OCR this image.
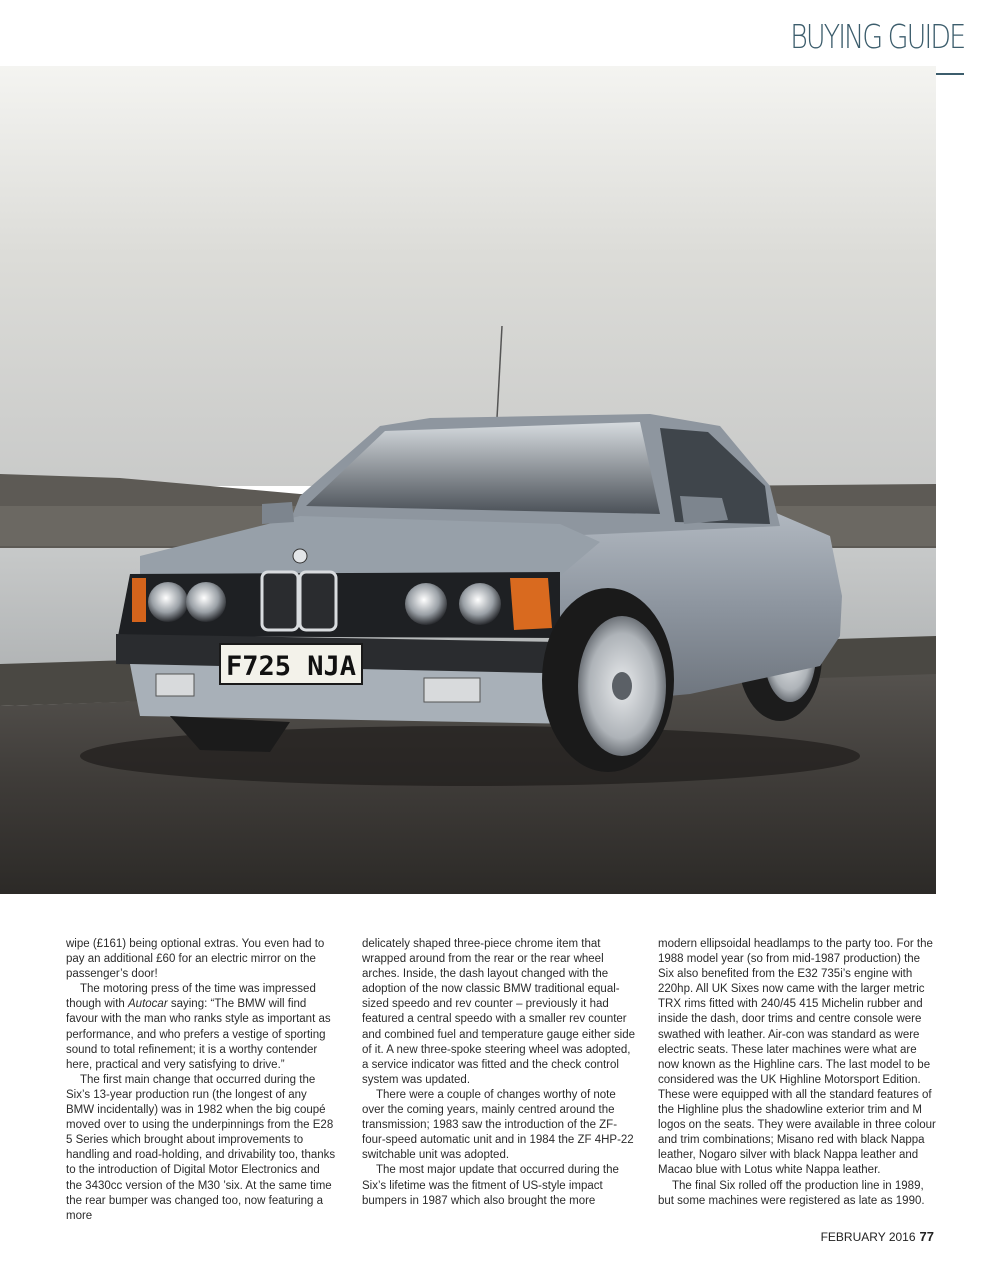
BUYING GUIDE
F725 NJA

wipe (£161) being optional extras. You even had to pay an additional £60 for an electric mirror on the passenger’s door!

The motoring press of the time was impressed though with Autocar saying: “The BMW will find favour with the man who ranks style as important as performance, and who prefers a vestige of sporting sound to total refinement; it is a worthy contender here, practical and very satisfying to drive.”

The first main change that occurred during the Six’s 13-year production run (the longest of any BMW incidentally) was in 1982 when the big coupé moved over to using the underpinnings from the E28 5 Series which brought about improvements to handling and road-holding, and drivability too, thanks to the introduction of Digital Motor Electronics and the 3430cc version of the M30 ’six. At the same time the rear bumper was changed too, now featuring a more

delicately shaped three-piece chrome item that wrapped around from the rear or the rear wheel arches. Inside, the dash layout changed with the adoption of the now classic BMW traditional equal-sized speedo and rev counter – previously it had featured a central speedo with a smaller rev counter and combined fuel and temperature gauge either side of it. A new three-spoke steering wheel was adopted, a service indicator was fitted and the check control system was updated.

There were a couple of changes worthy of note over the coming years, mainly centred around the transmission; 1983 saw the introduction of the ZF-four-speed automatic unit and in 1984 the ZF 4HP-22 switchable unit was adopted.

The most major update that occurred during the Six’s lifetime was the fitment of US-style impact bumpers in 1987 which also brought the more

modern ellipsoidal headlamps to the party too. For the 1988 model year (so from mid-1987 production) the Six also benefited from the E32 735i’s engine with 220hp. All UK Sixes now came with the larger metric TRX rims fitted with 240/45 415 Michelin rubber and inside the dash, door trims and centre console were swathed with leather. Air-con was standard as were electric seats. These later machines were what are now known as the Highline cars. The last model to be considered was the UK Highline Motorsport Edition. These were equipped with all the standard features of the Highline plus the shadowline exterior trim and M logos on the seats. They were available in three colour and trim combinations; Misano red with black Nappa leather, Nogaro silver with black Nappa leather and Macao blue with Lotus white Nappa leather.

The final Six rolled off the production line in 1989, but some machines were registered as late as 1990.

FEBRUARY 2016 77
